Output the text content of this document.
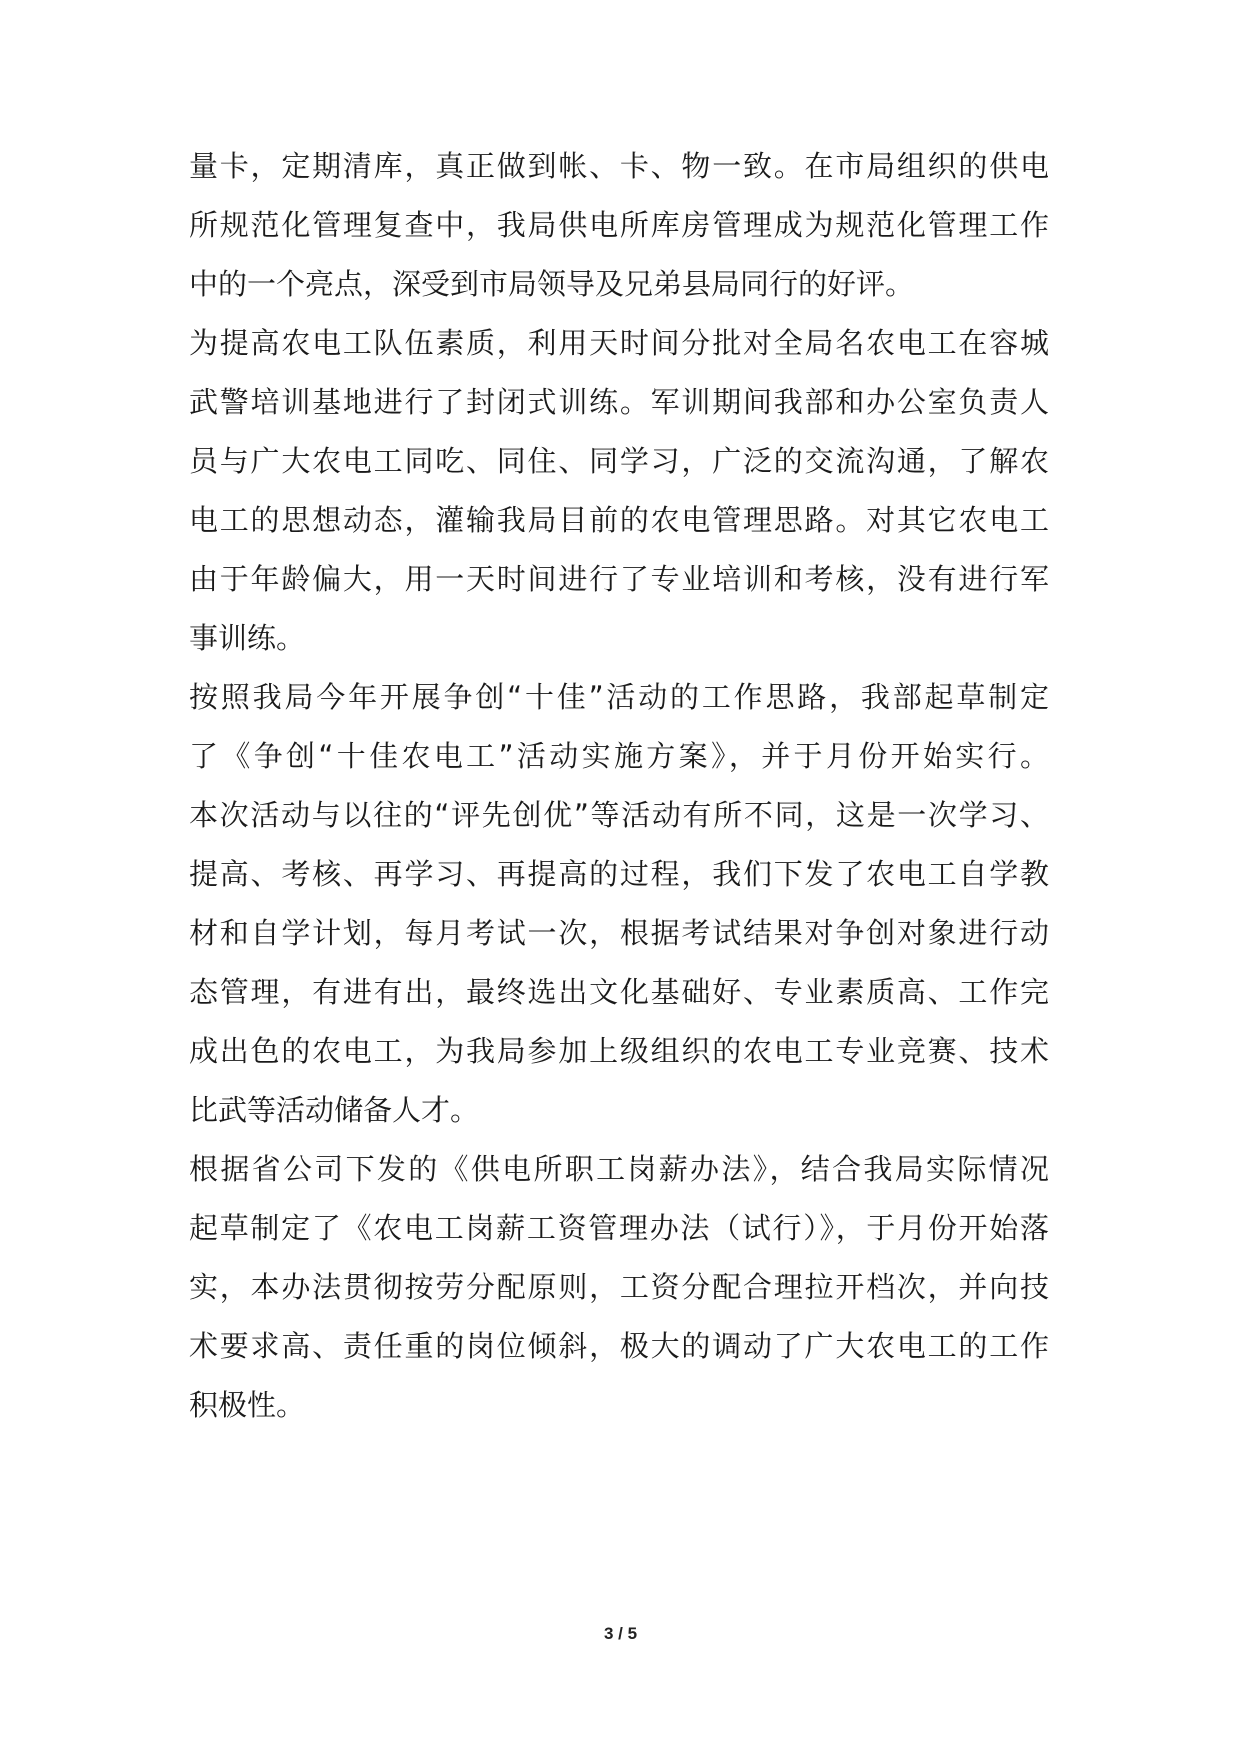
量卡，定期清库，真正做到帐、卡、物一致。在市局组织的供电
所规范化管理复查中，我局供电所库房管理成为规范化管理工作
中的一个亮点，深受到市局领导及兄弟县局同行的好评。
为提高农电工队伍素质，利用天时间分批对全局名农电工在容城
武警培训基地进行了封闭式训练。军训期间我部和办公室负责人
员与广大农电工同吃、同住、同学习，广泛的交流沟通，了解农
电工的思想动态，灌输我局目前的农电管理思路。对其它农电工
由于年龄偏大，用一天时间进行了专业培训和考核，没有进行军
事训练。
按照我局今年开展争创“十佳”活动的工作思路，我部起草制定
了《争创“十佳农电工”活动实施方案》，并于月份开始实行。
本次活动与以往的“评先创优”等活动有所不同，这是一次学习、
提高、考核、再学习、再提高的过程，我们下发了农电工自学教
材和自学计划，每月考试一次，根据考试结果对争创对象进行动
态管理，有进有出，最终选出文化基础好、专业素质高、工作完
成出色的农电工，为我局参加上级组织的农电工专业竞赛、技术
比武等活动储备人才。
根据省公司下发的《供电所职工岗薪办法》，结合我局实际情况
起草制定了《农电工岗薪工资管理办法（试行）》，于月份开始落
实，本办法贯彻按劳分配原则，工资分配合理拉开档次，并向技
术要求高、责任重的岗位倾斜，极大的调动了广大农电工的工作
积极性。
3 / 5
